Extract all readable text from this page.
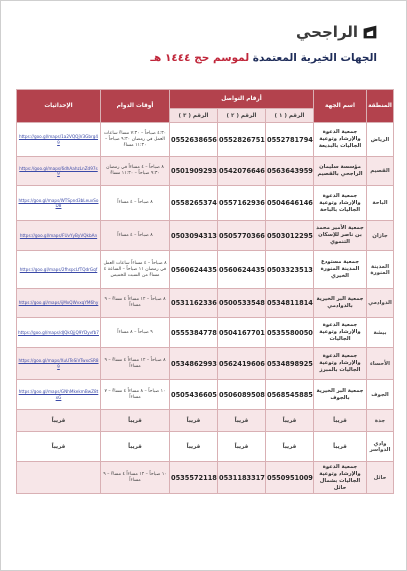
الراجحي
الجهات الخيرية المعتمدة لموسم حج ١٤٤٤ هـ
المنطقة	اسم الجهة	أرقام التواصل			أوقات الدوام	الإحداثيات
		الرقم ( ١ )	الرقم ( ٢ )	الرقم ( ٣ )		
الرياض	جمعية الدعوة والإرشاد وتوعية الجاليات بالبديعة	0552781794	0552826751	0552638656	٤:٣٠ صباحاً – ٧:٣٠ مساءً ساعات العمل في رمضان ٩:٣٠ صباحاً – ١١:٣٠ مساءً	https://goo.gl/maps/1a2VQQjV3Gbrg49
القصيم	مؤسسة سليمان الراجحي بالقصيم	0563643959	0542076646	0501909293	٨ صباحاً – ٤ مساءاً في رمضان ٩:٣٠ صباحاً – ١١:٣٠ مساءً	https://goo.gl/maps/6dhAahzLnZd97s9
الباحة	جمعية الدعوة والإرشاد وتوعية الجاليات بالباحة	0504646146	0557162936	0558265374	٨ صباحاً – ٤ مساءاً	https://goo.gl/maps/WTSpnd3bLeuvSoD8
جازان	جمعية الأمير محمد بن ناصر للإسكان التنموي	0503012295	0505770366	0503094313	٨ صباحاً – ٤ مساءاً	https://goo.gl/maps/FUvYyByVQkbAn
المدينة المنورة	جمعية مستودع المدينة المنورة الخيري	0503323513	0560624435	0560624435	٨ صباحاً – ٤ مساءاً ساعات العمل في رمضان ١١ صباحاً – الساعة ٤ مساءً من السبت للخميس	https://goo.gl/maps/2fhspcLfTQdrGqf
الدوادمي	جمعية البر الخيرية بالدوادمي	0534811814	0500533548	0531162336	٨ صباحاً – ١٢ مساءاً ٤ مساءً – ٩ مساءاً	https://goo.gl/maps/ijMxQWvxqYM6hy
بيشة	جمعية الدعوة والإرشاد وتوعية الجاليات	0535580050	0504167701	0555384778	٩ صباحاً – ٨ مساءاً	https://goo.gl/maps/dJQkQjjQ9YDyvfb7
الأحساء	جمعية الدعوة والإرشاد وتوعية الجاليات بالمبرز	0534898925	0562419606	0534862993	٨ صباحاً – ١٢ مساءاً ٤ مساءً – ٩ مساءاً	https://goo.gl/maps/XuUTeSiVTwxcSR89
الجوف	جمعية البر الخيرية بالجوف	0568545885	0506089508	0505436605	١٠ صباحاً – ٨ مساءاً ٤ مساءً – ٧ مساءاً	https://goo.gl/maps/GNhMkekmBwZ8txG
جدة	قريباً	قريباً	قريباً	قريباً	قريباً	قريباً
وادي الدواسر	قريباً	قريباً	قريباً	قريباً	قريباً	قريباً
حائل	جمعية الدعوة والإرشاد وتوعية الجاليات بشمال حائل	0550951009	0531183317	0535572118	١٠ صباحاً – ١٢ مساءاً ٤ مساءً – ٩ مساءاً	
